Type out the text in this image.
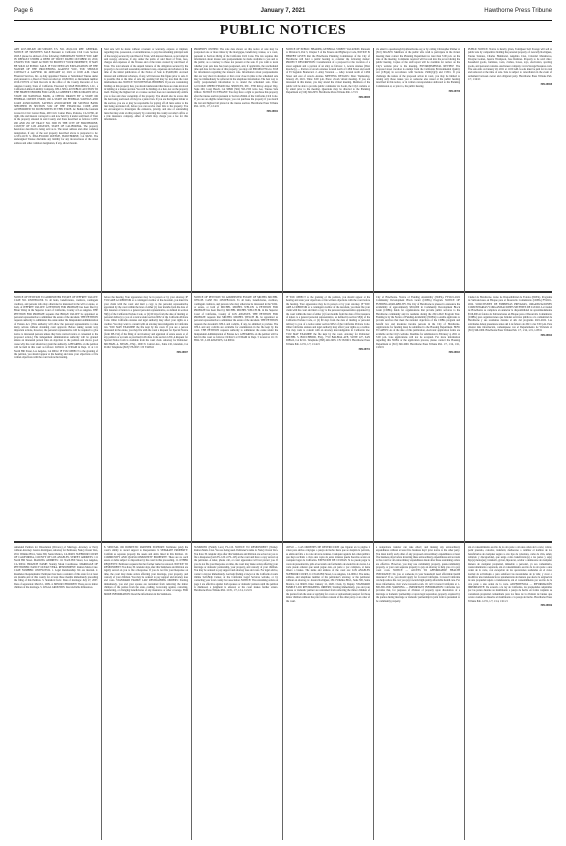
Page 6	January 7, 2021	Hawthorne Press Tribune
PUBLIC NOTICES

APN 4017-008-028 4017-008-003 T.S. NO. 20-02-104 REF. GENERAL NOTICE OF TRUSTEE'S SALE Pursuant to California Civil Code Section 2923.3 please be advised of the following: IMPORTANT NOTICE YOU ARE IN DEFAULT UNDER A DEED OF TRUST DATED OCTOBER 20, 2010, UNLESS YOU TAKE ACTION TO PROTECT YOUR PROPERTY, IT MAY BE SOLD AT PUBLIC SALE. IF YOU NEED AN EXPLANATION OF THE NATURE OF THE PROCEEDING AGAINST YOU, YOU SHOULD CONTACT A LAWYER. On JANUARY 22, 2021 at 10:00 A.M. Cheed Financial Services, Inc. as duly appointed Trustee or Substituted Trustee under and pursuant to a Deed of Trust recorded on 10/28/2010, as Instrument number 2010-1555574 of Said Records in the office of the County Recorder of Los Angeles County, State of California. Executed by MAE HOLDINGS, LLC, a California Limited Liability Company, WILL SELL AT PUBLIC AUCTION TO THE HIGHEST BIDDER FOR CASH, A CASHIER'S CHECK DRAWN ON A STATE OR NATIONAL BANK, A CHECK DRAWN BY A STATE OR FEDERAL CREDIT UNION, OR A STATE OR FEDERAL SAVINGS AND LOAN ASSOCIATION, SAVINGS ASSOCIATION OR SAVINGS BANK SPECIFIED IN SECTION 5102 OF THE FINANCIAL CODE AND AUTHORIZED TO DO BUSINESS IN THIS STATE. At: Behind the fountain located in Civic Center Plaza, 400 Civic Center Plaza, Pomona, CA 91766, all right, title and interest conveyed to and now held by it under said Deed of Trust in the property situated in said County and State described as follows: LOTS 290 AND 291 OF TRACT NO. 5000 IN THE CITY OF HAWTHORNE, COUNTY OF LOS ANGELES, STATE OF CALIFORNIA. The property heretofore described is being sold as is. The street address and other common designation, if any, of the real property described above is purported to be: 12133-12135 S. INGLEWOOD AVENUE, HAWTHORNE, CA 90250. The undersigned Trustee disclaims any liability for any incorrectness of the street address and other common designation, if any, shown herein.

Said sale will be made without covenant or warranty, express or implied, regarding title, possession, or encumbrances, to pay the remaining principal sum of the note(s) secured by said Deed of Trust, with interest thereon, as provided in said note(s), advances, if any, under the terms of said Deed of Trust, fees, charges and expenses of the Trustee and of the trusts created by said Deed of Trust. The total amount of the unpaid balance of the obligation secured by the property to be sold and reasonable estimated costs, expenses and advances at the time of the initial publication of the Notice of Sale is $3,400,000. Accrued interest and additional advances, if any, will increase this figure prior to sale. It is possible that at the time of sale the opening bid may be less than the total indebtedness due. NOTICE TO POTENTIAL BIDDERS: If you are considering bidding on this property lien, you should understand that there are risks involved in bidding at a trustee auction. You will be bidding on a lien, not on the property itself. Placing the highest bid at a trustee auction does not automatically entitle you to free and clear ownership of the property. You should also be aware that the lien being auctioned off may be a junior lien. If you are the highest bidder at the auction, you are or may be responsible for paying off all liens senior to the lien being auctioned off, before you can receive clear title to the property. You are encouraged to investigate the existence, priority, and size of outstanding liens that may exist on this property by contacting the county recorder's office or a title insurance company, either of which may charge you a fee for this information.

PROPERTY OWNER: The sale date shown on this notice of sale may be postponed one or more times by the mortgagee, beneficiary, trustee, or a court, pursuant to Section 2924g of the California Civil Code. The law requires that information about trustee sale postponements be made available to you and to the public, as a courtesy to those not present at the sale. If you wish to learn whether your sale date has been postponed, and, if applicable, the rescheduled time and date for the sale of this property, you may call 888-988-6736 ext. 3018 for information regarding the trustee's sale. Information about postponements that are very short in duration or that occur close in time to the scheduled sale may not immediately be reflected in the telephone information. The best way to verify postponement information is to attend the scheduled sale. Date: 12/21/2020 CHEED FINANCIAL SERVICES, INC. 3780 Kilroy Airport Way, Suite 200, Long Beach, CA 90806 (562) 595-1550 Gina Lee, Trustee Sale Officer. NOTICE TO TENANT: You may have a right to purchase this property after the trustee auction pursuant to Section 2924m of the California Civil Code. If you are an eligible tenant buyer, you can purchase the property if you match the last and highest bid placed at the trustee auction. Hawthorne Press Tribune Pub. 12/31, 1/7, 1/14/21

HH-28692

NOTICE OF PUBLIC HEARING GENERAL STREET VACATION. Pursuant to Division 9, Part 3, Chapter 3 of the Streets and Highways Code, NOTICE IS HEREBY GIVEN that the Hawthorne Planning Commission of the City of Hawthorne will hold a public hearing to consider the following matter: PROJECT DESCRIPTION: Consideration of a proposal for the vacation of a street segment and a portion of an alley as follows: 1. Acacia Avenue (West Roadway) — Portion of Acacia Avenue located north of 118th Street and south of El Segundo Boulevard. 2. Alley Vacation — Alley located north of 118th Street and east of Acacia Avenue. MEETING DETAILS: Date: Wednesday, January 20, 2021. Time: 6:00 p.m. Place: Zoom virtual meeting. If you are interested in this matter, you may attend the virtual meeting. Members of the public will be able to provide public comments via Zoom, the City's website or by email prior to the meeting. Questions may be directed to the Planning Department at (310) 349-2970. Hawthorne Press Tribune Pub. 1/7/21

HH-28699

via email to questions@cityofhawthorne.org or by calling Christopher Palmer at (310) 349-2970. Members of the public who wish to participate in the virtual meeting must contact the Planning Department no later than 5:00 p.m. on the date of the meeting. Comments received will be read into the record during the public hearing. Copies of the staff report will be available for review on the City's website prior to the meeting. ENVIRONMENTAL REVIEW: The proposed street vacation is exempt from the California Environmental Quality Act (CEQA) in accordance with Sections 15061(b)(3) and 15301. If you challenge the nature of the proposed action in court, you may be limited to raising only those issues you or someone else raised at the public hearing described in this notice, or in written correspondence delivered to the Planning Commission at, or prior to, the public hearing.

HH-28700

PUBLIC NOTICE. Notice is hereby given, TomQuest Self Storage will sell at public sale by competitive bidding the personal property of: Aracelly Rodriguez, Taurus Santana, Charles Hammond, Angelina Cruz, Cristobal Matamoros, Dwayne Gomez, Jessica Thompson, Jose Ramirez. Property to be sold: misc. household goods, furniture, tools, clothes, boxes, toys, electronics, sporting goods, and personal contents. Auctioneer company: www.StorageTreasures.com. The sale ends on January 20, 2021 at 11:00 AM. Goods must be paid for in cash and removed at the time of sale. Sale is subject to cancellation in the event of settlement between owner and obligated party. Hawthorne Press Tribune Pub. 1/7, 1/14/21

HH-28698

NOTICE OF PETITION TO ADMINISTER ESTATE OF JEFFREY VALLEY. CASE NO. 20STPB11059. To all heirs, beneficiaries, creditors, contingent creditors, and persons who may otherwise be interested in the will or estate, or both, of JEFFREY VALLEY. A PETITION FOR PROBATE has been filed by Brian Valley in the Superior Court of California, County of Los Angeles. THE PETITION FOR PROBATE requests that BRIAN VALLEY be appointed as personal representative to administer the estate of the decedent. THE PETITION requests authority to administer the estate under the Independent Administration of Estates Act. (This authority will allow the personal representative to take many actions without obtaining court approval. Before taking certain very important actions, however, the personal representative will be required to give notice to interested persons unless they have waived notice or consented to the proposed action.) The independent administration authority will be granted unless an interested person files an objection to the petition and shows good cause why the court should not grant the authority. A HEARING on the petition will be held in this court as follows: 02/04/21 at 8:30AM in Dept. 11 at 111 North Hill Street, Los Angeles, CA 90012. IF YOU OBJECT to the granting of the petition, you should appear at the hearing and state your objections or file written objections with the court before the hearing.

before the hearing. Your appearance may be in person or by your attorney. IF YOU ARE A CREDITOR or a contingent creditor of the decedent, you must file your claim with the court and mail a copy to the personal representative appointed by the court within the later of either (1) four months from the date of first issuance of letters to a general personal representative, as defined in section 58(b) of the California Probate Code, or (2) 60 days from the date of mailing or personal delivery to you of a notice under section 9052 of the California Probate Code. Other California statutes and legal authority may affect your rights as a creditor. You may want to consult with an attorney knowledgeable in California law. YOU MAY EXAMINE the file kept by the court. If you are a person interested in the estate, you may file with the court a Request for Special Notice (form DE-154) of the filing of an inventory and appraisal of estate assets or of any petition or account as provided in Probate Code section 1250. A Request for Special Notice form is available from the court clerk. Attorney for Petitioner: MICHAEL A. SIEGEL, ESQ., 1000 N. Central Ave., Suite 210, Glendale, CA 91202. Telephone (818) 578-0027. CN 5345612

HH-28697

NOTICE OF PETITION TO ADMINISTER ESTATE OF MICHEL MICHEL WELCH. CASE NO. 20STPB11224. To all heirs, beneficiaries, creditors, contingent creditors, and persons who may otherwise be interested in the WILL or estate, or both of MICHEL MICHEL WELCH. A PETITION FOR PROBATE has been filed by MICHEL MICHEL WELCH JR. in the Superior Court of California, County of LOS ANGELES. THE PETITION FOR PROBATE requests that MICHEL MICHEL WELCH JR. be appointed as personal representative to administer the estate of the decedent. THE PETITION requests the decedent's WILL and codicils, if any, be admitted to probate. The WILL and any codicils are available for examination in the file kept by the court. THE PETITION requests authority to administer the estate under the Independent Administration of Estates Act. A HEARING on the petition will be held in this court as follows: 02/04/21 at 8:30AM in Dept. 5 located at 111 N. HILL ST., LOS ANGELES, CA 90012.

IF YOU OBJECT to the granting of the petition, you should appear at the hearing and state your objections or file written objections with the court before the hearing. Your appearance may be in person or by your attorney. IF YOU ARE A CREDITOR or a contingent creditor of the decedent, you must file your claim with the court and mail a copy to the personal representative appointed by the court within the later of either (1) four months from the date of first issuance of letters to a general personal representative, as defined in section 58(b) of the California Probate Code, or (2) 60 days from the date of mailing or personal delivery to you of a notice under section 9052 of the California Probate Code. Other California statutes and legal authority may affect your rights as a creditor. You may want to consult with an attorney knowledgeable in California law. YOU MAY EXAMINE the file kept by the court. Attorney for Petitioner: MICHEL S. BOUCHEDID, ESQ., 7710 BALBOA AVE, SUITE 227, SAN DIEGO, CA 92111. Telephone (858) 449-1905. CN 5345613. Hawthorne Press Tribune Pub. 12/31, 1/7, 1/14/21

HH-28701

City of Hawthorne. Notice of Funding Availability (NOFA). FY2021-2022 Community Development Block Grant (CDBG) Program. NOTICE OF FUNDING AVAILABILITY. The City of Hawthorne is pleased to announce the availability of approximately $316,000 in Community Development Block Grant (CDBG) funds for organizations that provide public services to the Hawthorne community and its residents during the 2021-2022 Program Year. Funding is by the Notice of Funding Availability (NOFA) to enable applicants to provide services that meet the national objectives of the CDBG program and benefit low and moderate income persons in the City of Hawthorne. Applications for funding must be submitted to the Housing Department. HOW TO APPLY: As of the date of this publication, electronic application forms are available on the City's website. Deadline for submission is February 4, 2021 at 5:00 p.m. Late applications will not be accepted. For more information regarding this NOFA or the application process, please contact the Housing Department at (310) 349-1600. Hawthorne Press Tribune Pub. 1/7, 1/14, 1/21, 1/28/21

HH-28693

Ciudad de Hawthorne. Aviso de Disponibilidad de Fondos (NOFA). Programa de Subvenciones en Bloque para el Desarrollo Comunitario (CDBG) FY2021-2022. SOLICITUDES DE EMPRESAS PRIVADAS, ORGANIZACIONES COMUNITARIAS Y ORGANIZACIONES SIN FINES DE LUCRO. La Ciudad de Hawthorne se complace en anunciar la disponibilidad de aproximadamente $316,000 en fondos de Subvenciones en Bloque para el Desarrollo Comunitario (CDBG) para organizaciones que brindan servicios públicos a la comunidad de Hawthorne y sus residentes durante el año del programa 2021-2022. Las solicitudes deben presentarse antes del 4 de febrero de 2021 a las 5:00 p.m. Para obtener más información, comuníquese con el Departamento de Vivienda al (310) 349-1600. Hawthorne Press Tribune Pub. 1/7, 1/14, 1/21, 1/28/21

HH-28694

Amended Petition for Dissolution (Divorce) of Marriage. Attorney or Party without Attorney: Jessica Rodriguez, Attorney for Petitioner, Nancy Ocean Vera, 2811 Wilshire Blvd., Suite 300, Santa Monica, CA 90403. SUPERIOR COURT OF CALIFORNIA, COUNTY OF LOS ANGELES. STREET ADDRESS: 111 North Hill Street. MAILING ADDRESS: 111 North Hill Street, Los Angeles, CA 90012. BRANCH NAME: Stanley Mosk Courthouse. MARRIAGE OF PETITIONER: NANCY OCEAN VERA. RESPONDENT: Ramon Maria Cruz. CASE NUMBER: 19STFL03532. 1. Legal Relationship: We are married. 2. Residence Requirements: Petitioner has been a resident of this state for at least six months and of this county for at least three months immediately preceding the filing of this Petition. 3. Statistical facts: Date of marriage: July 27, 2007. Date of separation: March 1, 2009. 4. MINOR CHILDREN: There are no minor children of the marriage. 5. LEGAL GROUNDS: Irreconcilable differences.

8. SPOUSAL OR DOMESTIC PARTNER SUPPORT: Terminate (end) the court's ability to award support to Respondent. 9. SEPARATE PROPERTY: Confirm as separate property the assets and debts listed in this Petition. 10. COMMUNITY AND QUASI-COMMUNITY PROPERTY: There are no such assets or debts subject to disposition by the court in this proceeding. 11. OTHER REQUESTS: Petitioner requests that her former name be restored. NOTICE TO RESPONDENT: You have 30 calendar days after this Summons and Petition are legally served on you to file a Response. If you do not file your Response on time, the court may make orders affecting your marriage, your property, and custody of your children. You may be ordered to pay support and attorney fees and costs. STANDARD FAMILY LAW RESTRAINING ORDERS: Starting immediately, you and your spouse are restrained from removing the minor children of the parties from the state, cashing, borrowing against, canceling, transferring, or changing beneficiaries of any insurance or other coverage. FOR MORE INFORMATION: Read the information in the Summons.

SUMMONS (Family Law) FL-110. NOTICE TO RESPONDENT (Name): Ramon Maria Cruz. You are being sued. Petitioner's name is: Nancy Ocean Vera. You have 30 calendar days after this Summons and Petition are served on you to file a Response (form FL-120 or FL-123) at the court and have a copy served on the petitioner. A letter, phone call, or court appearance will not protect you. If you do not file your Response on time, the court may make orders affecting your marriage or domestic partnership, your property, and custody of your children. You may be ordered to pay support and attorney fees and costs. For legal advice, contact a lawyer immediately. Get help finding a lawyer at the California Courts Online Self-Help Center, at the California Legal Services website, or by contacting your local county bar association. NOTICE: The restraining orders on page 2 are effective against both spouses or domestic partners until the petition is dismissed, a judgment is entered, or the court makes further orders. Hawthorne Press Tribune Pub. 12/31, 1/7, 1/14, 1/21/21

AVISO — LAS ÓRDENES DE RESTRICCIÓN que figuran en la página 2 valen para ambos cónyuges o pareja de hecho hasta que se despida la petición, se emita un fallo o la corte dé otras órdenes. Cualquier agencia del orden público que haya recibido o visto una copia de estas órdenes puede hacerlas acatar en cualquier lugar de California. EXENCIÓN DE CUOTAS: Si no puede pagar la cuota de presentación, pida al secretario un formulario de exención de cuotas. La corte puede ordenar que usted pague ésta, en parte o por completo, si tiene dinero o bienes. The name and address of the court are: LOS ANGELES SUPERIOR COURT, 111 North Hill Street, Los Angeles, CA 90012. The name, address, and telephone number of the petitioner's attorney, or the petitioner without an attorney, is: Jessica Rodriguez, 2811 Wilshire Blvd., Suite 300, Santa Monica, CA 90403. Date: January 12, 2020. Clerk, by Deputy. STANDARD FAMILY LAW RESTRAINING ORDERS: Starting immediately, you and your spouse or domestic partner are restrained from removing the minor children of the parties from the state or applying for a new or replacement passport for those minor children without the prior written consent of the other party or an order of the court.

a nonprobate transfer can take effect; and making any extraordinary expenditures without at least five business days' prior notice to the other party. You must notify each other of any proposed extraordinary expenditures at least five business days before incurring these extraordinary expenditures and account to the court for all extraordinary expenditures made after these restraining orders are effective. However, you may use community property, quasi-community property, or your own separate property to pay an attorney to help you or to pay court costs. NOTICE — ACCESS TO AFFORDABLE HEALTH INSURANCE: Do you or someone in your household need affordable health insurance? If so, you should apply for Covered California. Covered California can help reduce the cost you pay towards high quality affordable health care. For more information, visit www.coveredca.com. Or call Covered California at 1-800-300-1506. WARNING — IMPORTANT INFORMATION: California law provides that, for purposes of division of property upon dissolution of a marriage or domestic partnership or upon legal separation, property acquired by the parties during marriage or domestic partnership in joint form is presumed to be community property.

sin el consentimiento escrito de la otra parte o sin una orden de la corte; cobrar, pedir prestado, cancelar, transferir, deshacerse o cambiar el nombre de los beneficiarios de cualquier seguro u otro tipo de cobertura, como de vida, salud, vehículo y discapacidad, que tenga como beneficiario(s) a las partes y su(s) hijo(s) menor(es); transferir, gravar, hipotecar, ocultar o deshacerse de cualquier manera de cualquier propiedad, inmueble o personal, ya sea comunitaria, cuasicomunitaria o separada, sin el consentimiento escrito de la otra parte o una orden de la corte, con excepción de las operaciones realizadas en el curso normal de actividades o para satisfacer las necesidades de la vida; y crear o modificar una transferencia no testamentaria de manera que afecte la asignación de una propiedad sujeta a transferencia, sin el consentimiento por escrito de la otra parte o una orden de la corte. ADVERTENCIA — INFORMACIÓN IMPORTANTE: De acuerdo a la ley de California, las propiedades adquiridas por las partes durante su matrimonio o pareja de hecho en forma conjunta se consideran propiedad comunitaria para los fines de la división de bienes que ocurre cuando se disuelve el matrimonio o la pareja de hecho. Hawthorne Press Tribune Pub. 12/31, 1/7, 1/14, 1/21/21

HH-28696
